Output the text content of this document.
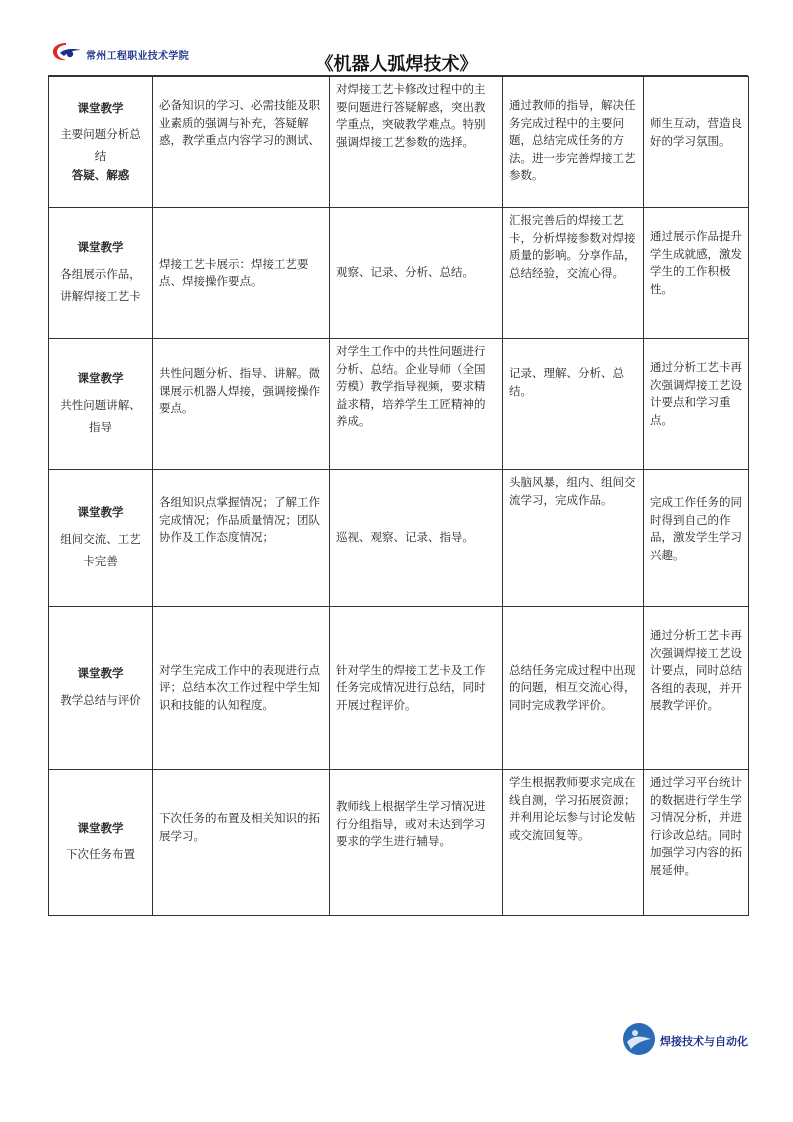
常州工程职业技术学院	《机器人弧焊技术》
课堂教学
主要问题分析总结
答疑、解惑	必备知识的学习、必需技能及职业素质的强调与补充，答疑解惑，教学重点内容学习的测试、	对焊接工艺卡修改过程中的主要问题进行答疑解惑，突出教学重点，突破教学难点。特别强调焊接工艺参数的选择。	通过教师的指导，解决任务完成过程中的主要问题，总结完成任务的方法。进一步完善焊接工艺参数。	师生互动，营造良好的学习氛围。

课堂教学
各组展示作品，讲解焊接工艺卡	焊接工艺卡展示：焊接工艺要点、焊接操作要点。	观察、记录、分析、总结。	汇报完善后的焊接工艺卡，分析焊接参数对焊接质量的影响。分享作品，总结经验，交流心得。	通过展示作品提升学生成就感，激发学生的工作积极性。

课堂教学
共性问题讲解、指导	共性问题分析、指导、讲解。微课展示机器人焊接，强调接操作要点。	对学生工作中的共性问题进行分析、总结。企业导师（全国劳模）教学指导视频，要求精益求精，培养学生工匠精神的养成。	记录、理解、分析、总结。	通过分析工艺卡再次强调焊接工艺设计要点和学习重点。

课堂教学
组间交流、工艺卡完善	各组知识点掌握情况；了解工作完成情况；作品质量情况；团队协作及工作态度情况；	巡视、观察、记录、指导。	头脑风暴，组内、组间交流学习，完成作品。	完成工作任务的同时得到自己的作品，激发学生学习兴趣。

课堂教学
教学总结与评价	对学生完成工作中的表现进行点评；总结本次工作过程中学生知识和技能的认知程度。	针对学生的焊接工艺卡及工作任务完成情况进行总结，同时开展过程评价。	总结任务完成过程中出现的问题，相互交流心得，同时完成教学评价。	通过分析工艺卡再次强调焊接工艺设计要点，同时总结各组的表现，并开展教学评价。

课堂教学
下次任务布置	下次任务的布置及相关知识的拓展学习。	教师线上根据学生学习情况进行分组指导，或对未达到学习要求的学生进行辅导。	学生根据教师要求完成在线自测，学习拓展资源；并利用论坛参与讨论发帖或交流回复等。	通过学习平台统计的数据进行学生学习情况分析，并进行诊改总结。同时加强学习内容的拓展延伸。
焊接技术与自动化
